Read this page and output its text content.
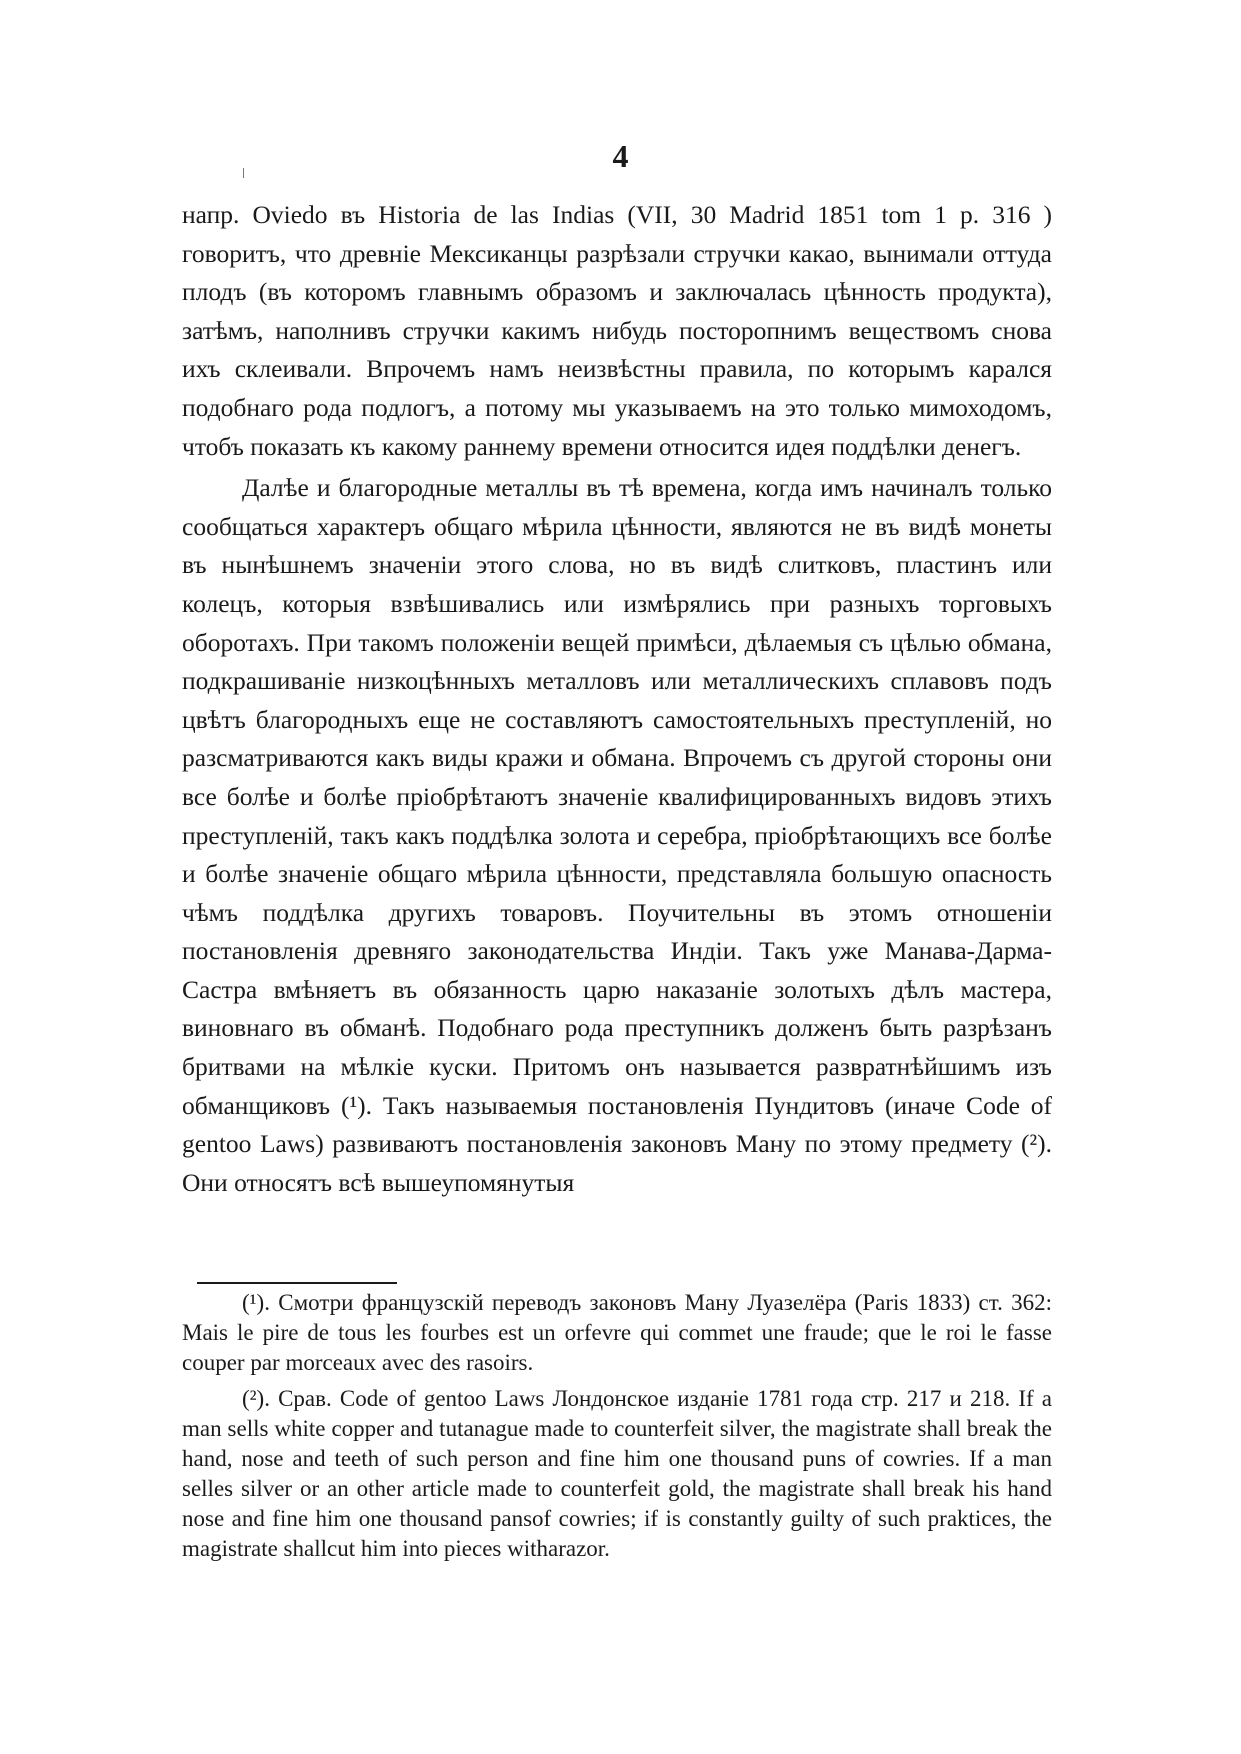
4

напр. Oviedo въ Historia de las Indias (VII, 30 Madrid 1851 tom 1 p. 316 ) говоритъ, что древніе Мексиканцы разрѣзали стручки какао, вынимали оттуда плодъ (въ которомъ главнымъ образомъ и заключалась цѣнность продукта), затѣмъ, наполнивъ стручки какимъ нибудь посторопнимъ веществомъ снова ихъ склеивали. Впрочемъ намъ неизвѣстны правила, по которымъ карался подобнаго рода подлогъ, а потому мы указываемъ на это только мимоходомъ, чтобъ показать къ какому раннему времени относится идея поддѣлки денегъ.

Далѣе и благородные металлы въ тѣ времена, когда имъ начиналъ только сообщаться характеръ общаго мѣрила цѣнности, являются не въ видѣ монеты въ нынѣшнемъ значеніи этого слова, но въ видѣ слитковъ, пластинъ или колецъ, которыя взвѣшивались или измѣрялись при разныхъ торговыхъ оборотахъ. При такомъ положеніи вещей примѣси, дѣлаемыя съ цѣлью обмана, подкрашиваніе низкоцѣнныхъ металловъ или металлическихъ сплавовъ подъ цвѣтъ благородныхъ еще не составляютъ самостоятельныхъ преступленій, но разсматриваются какъ виды кражи и обмана. Впрочемъ съ другой стороны они все болѣе и болѣе пріобрѣтаютъ значеніе квалифицированныхъ видовъ этихъ преступленій, такъ какъ поддѣлка золота и серебра, пріобрѣтающихъ все болѣе и болѣе значеніе общаго мѣрила цѣнности, представляла большую опасность чѣмъ поддѣлка другихъ товаровъ. Поучительны въ этомъ отношеніи постановленія древняго законодательства Индіи. Такъ уже Манава-Дарма-Састра вмѣняетъ въ обязанность царю наказаніе золотыхъ дѣлъ мастера, виновнаго въ обманѣ. Подобнаго рода преступникъ долженъ быть разрѣзанъ бритвами на мѣлкіе куски. Притомъ онъ называется развратнѣйшимъ изъ обманщиковъ (¹). Такъ называемыя постановленія Пундитовъ (иначе Code of gentoo Laws) развиваютъ постановленія законовъ Ману по этому предмету (²). Они относятъ всѣ вышеупомянутыя

(¹). Смотри французскій переводъ законовъ Ману Луазелёра (Paris 1833) ст. 362: Mais le pire de tous les fourbes est un orfevre qui commet une fraude; que le roi le fasse couper par morceaux avec des rasoirs.

(²). Срав. Code of gentoo Laws Лондонское изданіе 1781 года стр. 217 и 218. If a man sells white copper and tutanague made to counterfeit silver, the magistrate shall break the hand, nose and teeth of such person and fine him one thousand puns of cowries. If a man selles silver or an other article made to counterfeit gold, the magistrate shall break his hand nose and fine him one thousand pansof cowries; if is constantly guilty of such praktices, the magistrate shallcut him into pieces witharazor.
